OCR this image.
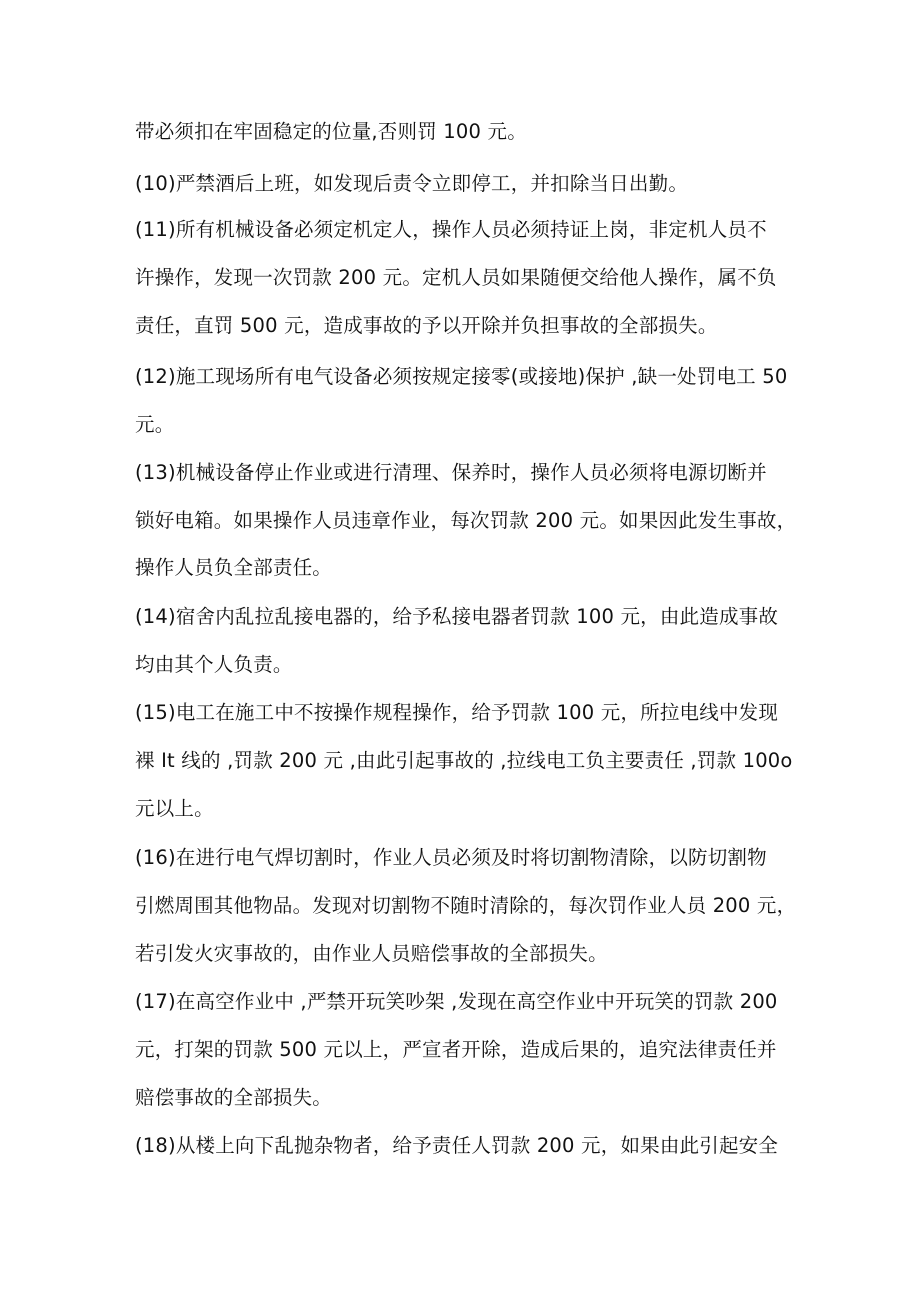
带必须扣在牢固稳定的位量,否则罚 100 元。
(10)严禁酒后上班，如发现后责令立即停工，并扣除当日出勤。
(11)所有机械设备必须定机定人，操作人员必须持证上岗，非定机人员不
许操作，发现一次罚款 200 元。定机人员如果随便交给他人操作，属不负
责任，直罚 500 元，造成事故的予以开除并负担事故的全部损失。
(12)施工现场所有电气设备必须按规定接零(或接地)保护 ,缺一处罚电工 50
元。
(13)机械设备停止作业或进行清理、保养时，操作人员必须将电源切断并
锁好电箱。如果操作人员违章作业，每次罚款 200 元。如果因此发生事故，
操作人员负全部责任。
(14)宿舍内乱拉乱接电器的，给予私接电器者罚款 100 元，由此造成事故
均由其个人负责。
(15)电工在施工中不按操作规程操作，给予罚款 100 元，所拉电线中发现
裸 It 线的 ,罚款 200 元 ,由此引起事故的 ,拉线电工负主要责任 ,罚款 100o
元以上。
(16)在进行电气焊切割时，作业人员必须及时将切割物清除，以防切割物
引燃周围其他物品。发现对切割物不随时清除的，每次罚作业人员 200 元，
若引发火灾事故的，由作业人员赔偿事故的全部损失。
(17)在高空作业中 ,严禁开玩笑吵架 ,发现在高空作业中开玩笑的罚款 200
元，打架的罚款 500 元以上，严宣者开除，造成后果的，追究法律责任并
赔偿事故的全部损失。
(18)从楼上向下乱抛杂物者，给予责任人罚款 200 元，如果由此引起安全
